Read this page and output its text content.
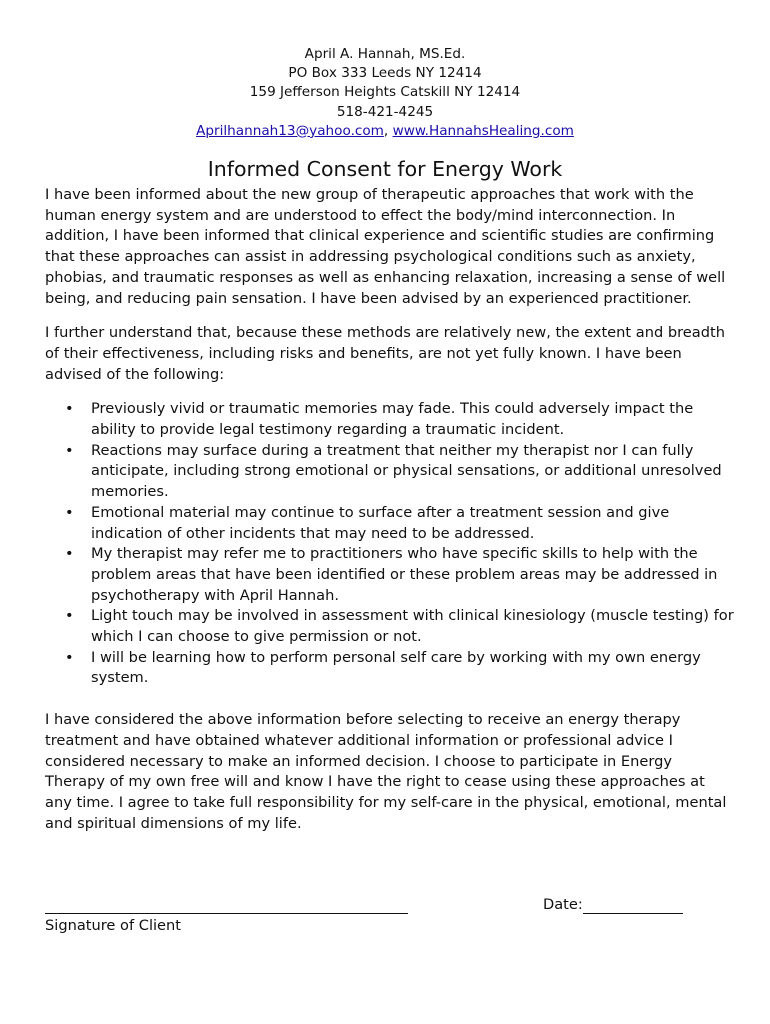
April A. Hannah, MS.Ed.
PO Box 333 Leeds NY 12414
159 Jefferson Heights Catskill NY 12414
518-421-4245
Aprilhannah13@yahoo.com, www.HannahsHealing.com
Informed Consent for Energy Work

I have been informed about the new group of therapeutic approaches that work with the human energy system and are understood to effect the body/mind interconnection. In addition, I have been informed that clinical experience and scientific studies are confirming that these approaches can assist in addressing psychological conditions such as anxiety, phobias, and traumatic responses as well as enhancing relaxation, increasing a sense of well being, and reducing pain sensation. I have been advised by an experienced practitioner.

I further understand that, because these methods are relatively new, the extent and breadth of their effectiveness, including risks and benefits, are not yet fully known. I have been advised of the following:

• Previously vivid or traumatic memories may fade. This could adversely impact the ability to provide legal testimony regarding a traumatic incident.
• Reactions may surface during a treatment that neither my therapist nor I can fully anticipate, including strong emotional or physical sensations, or additional unresolved memories.
• Emotional material may continue to surface after a treatment session and give indication of other incidents that may need to be addressed.
• My therapist may refer me to practitioners who have specific skills to help with the problem areas that have been identified or these problem areas may be addressed in psychotherapy with April Hannah.
• Light touch may be involved in assessment with clinical kinesiology (muscle testing) for which I can choose to give permission or not.
• I will be learning how to perform personal self care by working with my own energy system.

I have considered the above information before selecting to receive an energy therapy treatment and have obtained whatever additional information or professional advice I considered necessary to make an informed decision. I choose to participate in Energy Therapy of my own free will and know I have the right to cease using these approaches at any time. I agree to take full responsibility for my self-care in the physical, emotional, mental and spiritual dimensions of my life.

Date:
Signature of Client
